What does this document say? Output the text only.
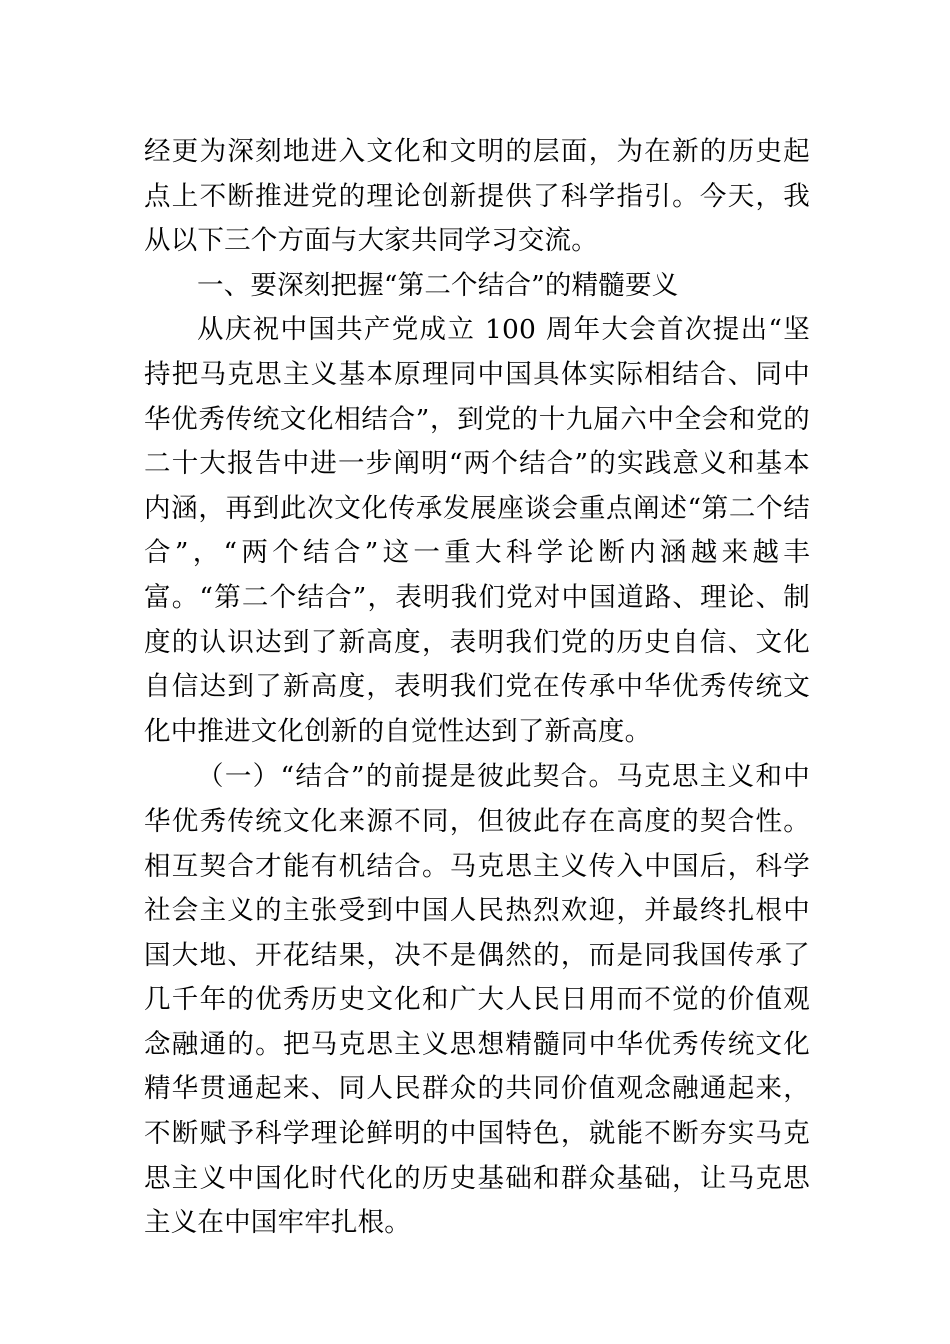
经更为深刻地进入文化和文明的层面，为在新的历史起点上不断推进党的理论创新提供了科学指引。今天，我从以下三个方面与大家共同学习交流。

一、要深刻把握“第二个结合”的精髓要义

从庆祝中国共产党成立 100 周年大会首次提出“坚持把马克思主义基本原理同中国具体实际相结合、同中华优秀传统文化相结合”，到党的十九届六中全会和党的二十大报告中进一步阐明“两个结合”的实践意义和基本内涵，再到此次文化传承发展座谈会重点阐述“第二个结合”，“两个结合”这一重大科学论断内涵越来越丰富。“第二个结合”，表明我们党对中国道路、理论、制度的认识达到了新高度，表明我们党的历史自信、文化自信达到了新高度，表明我们党在传承中华优秀传统文化中推进文化创新的自觉性达到了新高度。

（一）“结合”的前提是彼此契合。马克思主义和中华优秀传统文化来源不同，但彼此存在高度的契合性。相互契合才能有机结合。马克思主义传入中国后，科学社会主义的主张受到中国人民热烈欢迎，并最终扎根中国大地、开花结果，决不是偶然的，而是同我国传承了几千年的优秀历史文化和广大人民日用而不觉的价值观念融通的。把马克思主义思想精髓同中华优秀传统文化精华贯通起来、同人民群众的共同价值观念融通起来，不断赋予科学理论鲜明的中国特色，就能不断夯实马克思主义中国化时代化的历史基础和群众基础，让马克思主义在中国牢牢扎根。
